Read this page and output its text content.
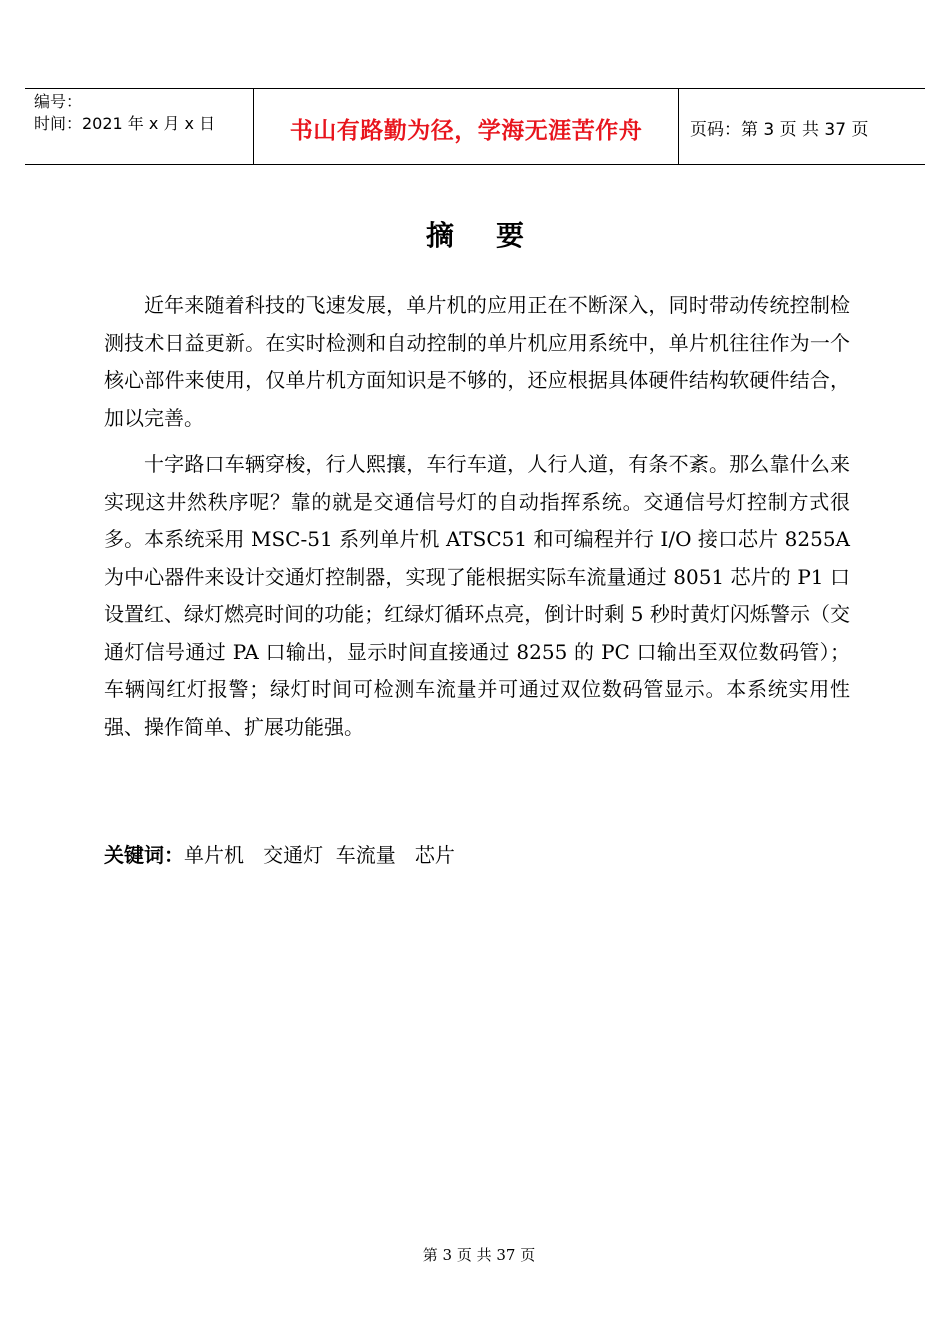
编号：
时间：2021 年 x 月 x 日	书山有路勤为径，学海无涯苦作舟	页码：第 3 页 共 37 页
摘要

近年来随着科技的飞速发展，单片机的应用正在不断深入，同时带动传统控制检测技术日益更新。在实时检测和自动控制的单片机应用系统中，单片机往往作为一个核心部件来使用，仅单片机方面知识是不够的，还应根据具体硬件结构软硬件结合，加以完善。

十字路口车辆穿梭，行人熙攘，车行车道，人行人道，有条不紊。那么靠什么来实现这井然秩序呢？靠的就是交通信号灯的自动指挥系统。交通信号灯控制方式很多。本系统采用 MSC-51 系列单片机 ATSC51 和可编程并行 I/O 接口芯片 8255A 为中心器件来设计交通灯控制器，实现了能根据实际车流量通过 8051 芯片的 P1 口设置红、绿灯燃亮时间的功能；红绿灯循环点亮，倒计时剩 5 秒时黄灯闪烁警示（交通灯信号通过 PA 口输出，显示时间直接通过 8255 的 PC 口输出至双位数码管）；车辆闯红灯报警；绿灯时间可检测车流量并可通过双位数码管显示。本系统实用性强、操作简单、扩展功能强。

关键词：单片机   交通灯  车流量   芯片
第 3 页 共 37 页
